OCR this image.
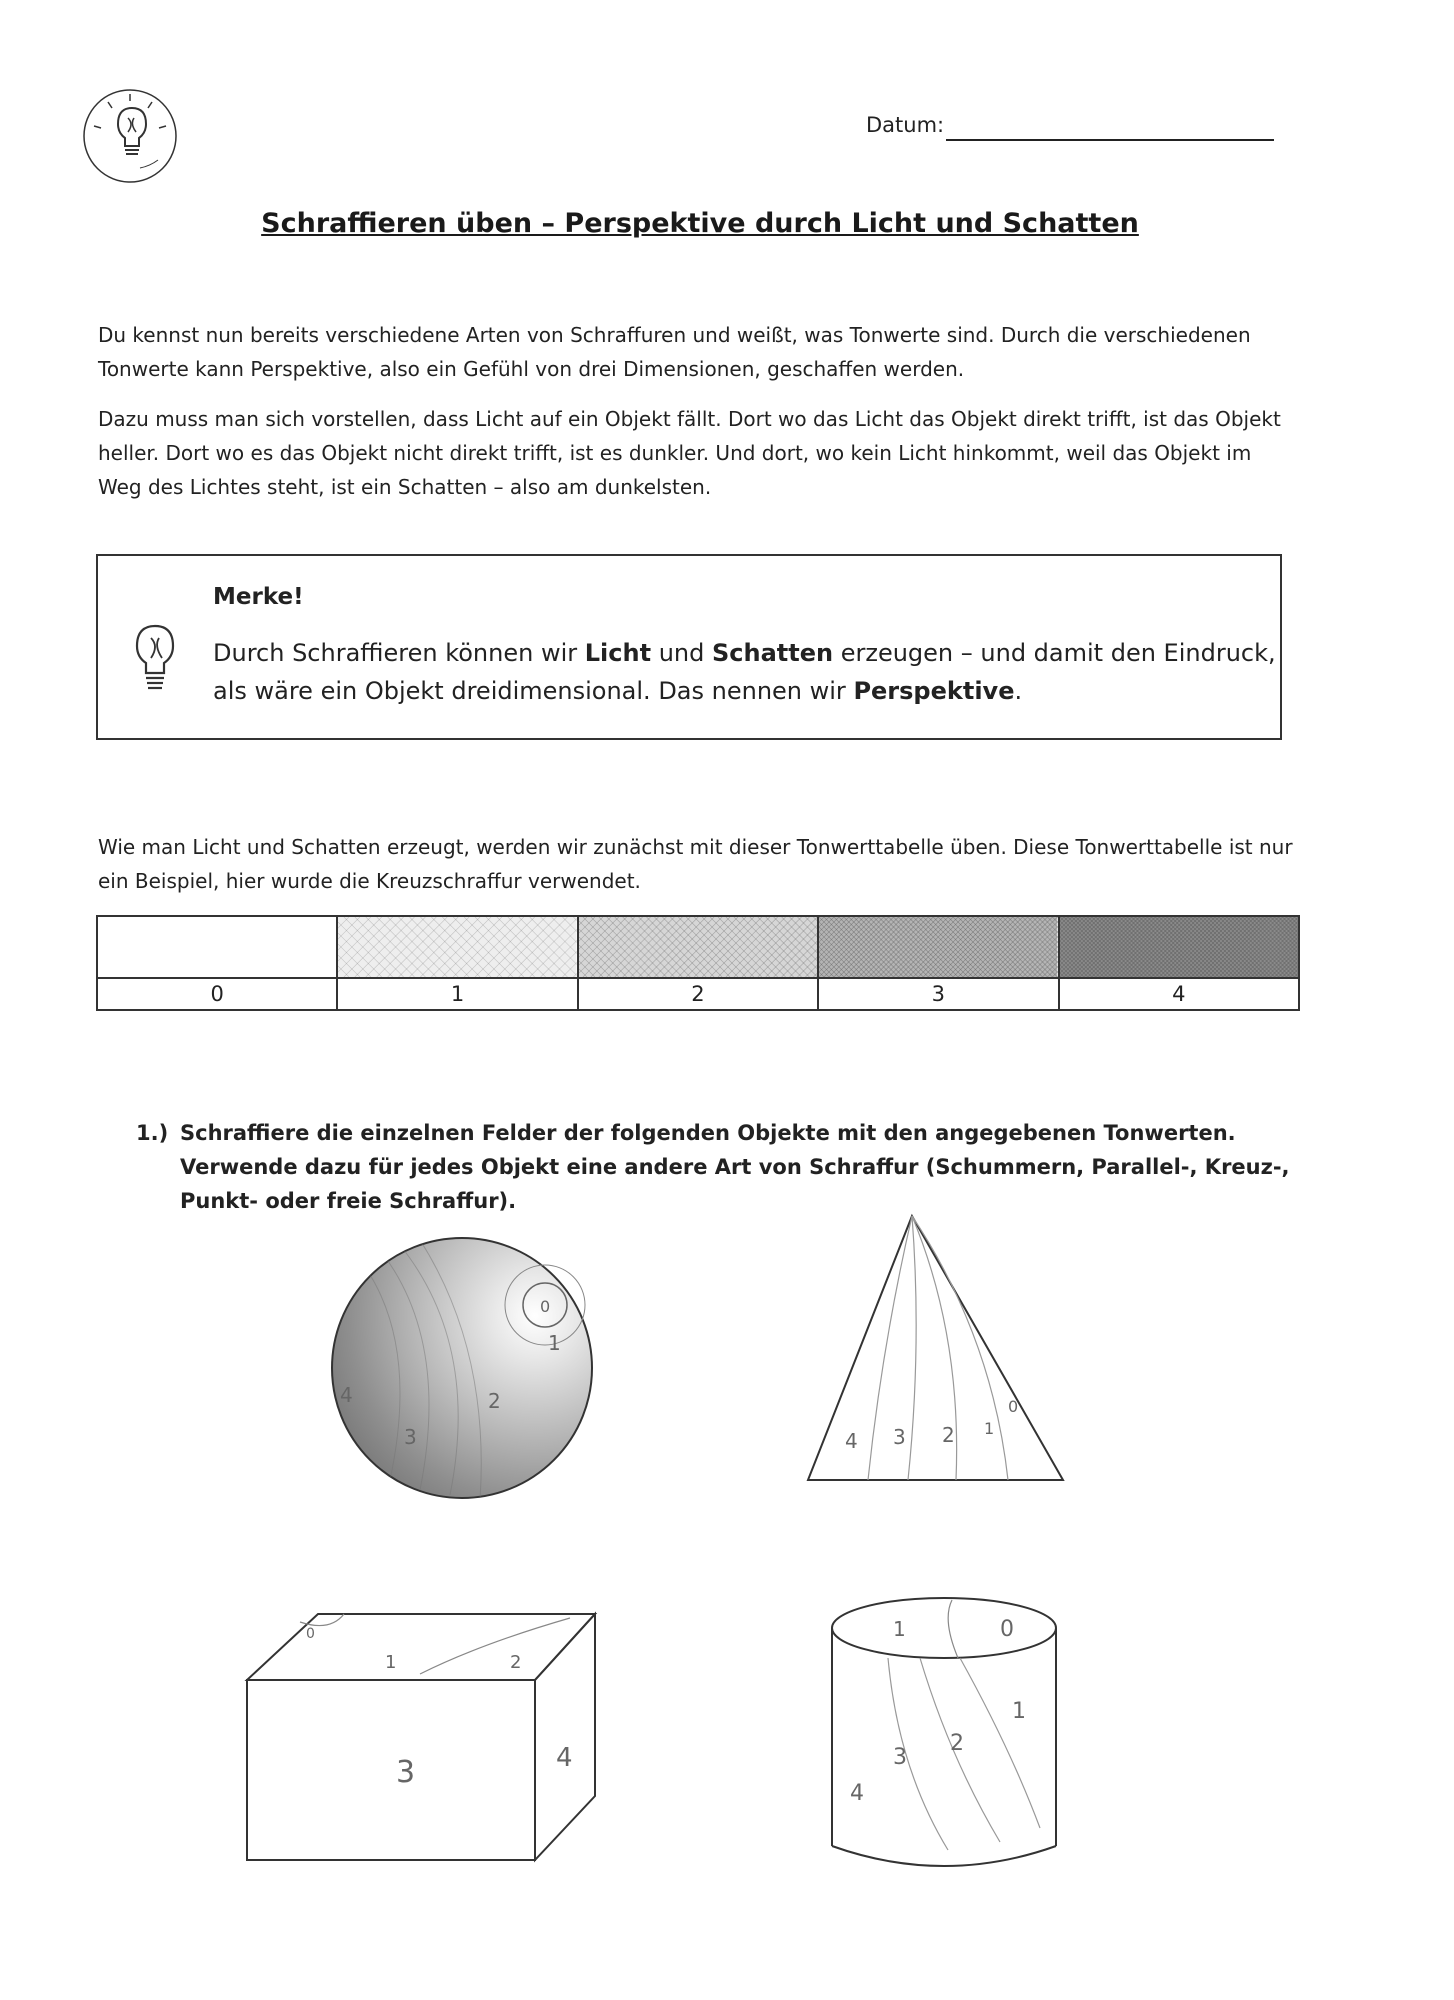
Datum:
Schraffieren üben – Perspektive durch Licht und Schatten
Du kennst nun bereits verschiedene Arten von Schraffuren und weißt, was Tonwerte sind. Durch die verschiedenen Tonwerte kann Perspektive, also ein Gefühl von drei Dimensionen, geschaffen werden.
Dazu muss man sich vorstellen, dass Licht auf ein Objekt fällt. Dort wo das Licht das Objekt direkt trifft, ist das Objekt heller. Dort wo es das Objekt nicht direkt trifft, ist es dunkler. Und dort, wo kein Licht hinkommt, weil das Objekt im Weg des Lichtes steht, ist ein Schatten – also am dunkelsten.
Merke!
Durch Schraffieren können wir Licht und Schatten erzeugen – und damit den Eindruck, als wäre ein Objekt dreidimensional. Das nennen wir Perspektive.
Wie man Licht und Schatten erzeugt, werden wir zunächst mit dieser Tonwerttabelle üben. Diese Tonwerttabelle ist nur ein Beispiel, hier wurde die Kreuzschraffur verwendet.

0	1	2	3	4
1.) Schraffiere die einzelnen Felder der folgenden Objekte mit den angegebenen Tonwerten. Verwende dazu für jedes Objekt eine andere Art von Schraffur (Schummern, Parallel-, Kreuz-, Punkt- oder freie Schraffur).
0
1
2
3
4
4 3 2 1
0
0
1	2
3	4
1	0
3
2
1
4
